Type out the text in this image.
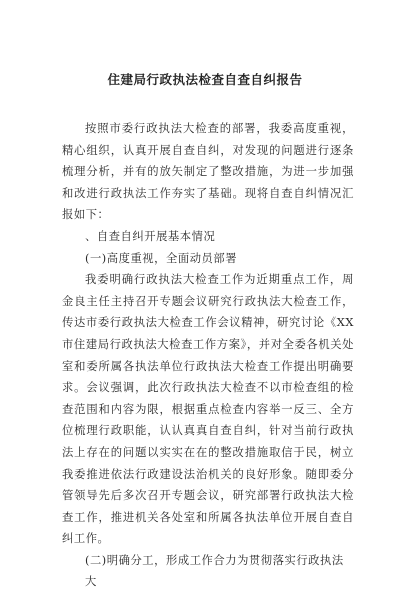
住建局行政执法检查自查自纠报告

按照市委行政执法大检查的部署，我委高度重视，精心组织，认真开展自查自纠，对发现的问题进行逐条梳理分析，并有的放矢制定了整改措施，为进一步加强和改进行政执法工作夯实了基础。现将自查自纠情况汇报如下：

、自查自纠开展基本情况

(一)高度重视，全面动员部署

我委明确行政执法大检查工作为近期重点工作，周金良主任主持召开专题会议研究行政执法大检查工作，传达市委行政执法大检查工作会议精神，研究讨论《XX市住建局行政执法大检查工作方案》，并对全委各机关处室和委所属各执法单位行政执法大检查工作提出明确要求。会议强调，此次行政执法大检查不以市检查组的检查范围和内容为限，根据重点检查内容举一反三、全方位梳理行政职能，认认真真自查自纠，针对当前行政执法上存在的问题以实实在在的整改措施取信于民，树立我委推进依法行政建设法治机关的良好形象。随即委分管领导先后多次召开专题会议，研究部署行政执法大检查工作，推进机关各处室和所属各执法单位开展自查自纠工作。

(二)明确分工，形成工作合力为贯彻落实行政执法大
